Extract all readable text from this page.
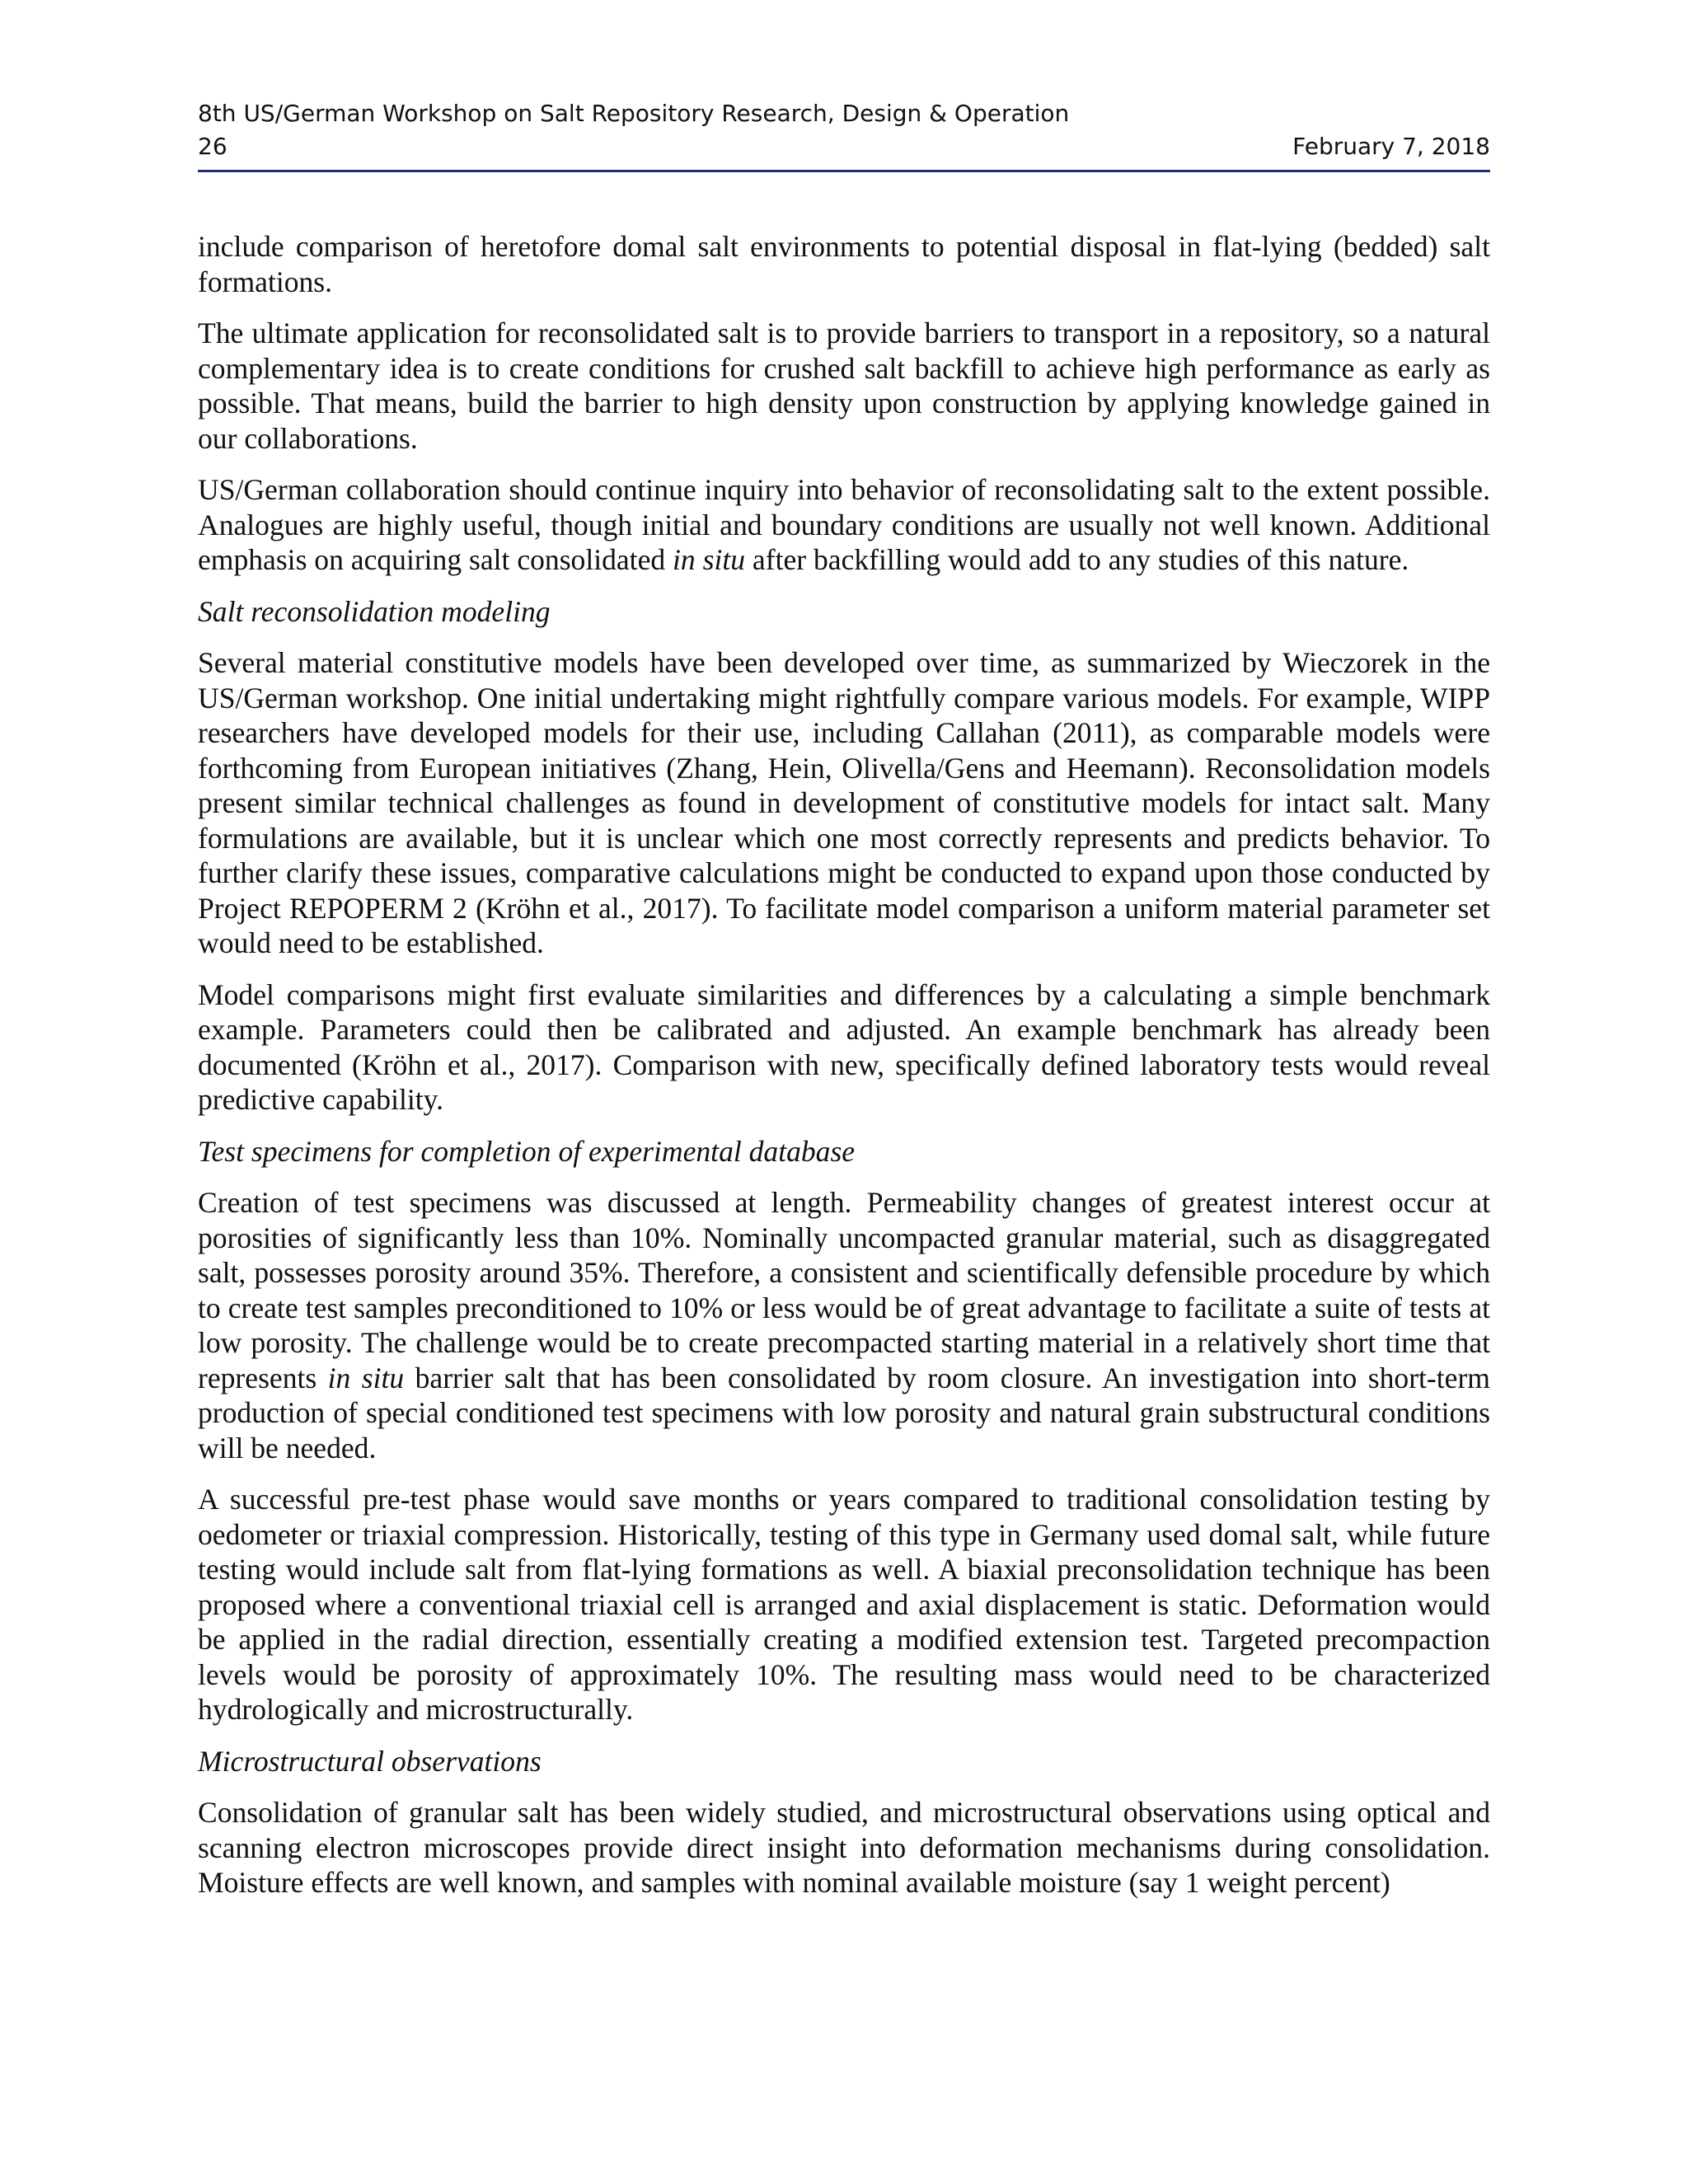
8th US/German Workshop on Salt Repository Research, Design & Operation
26	February 7, 2018

include comparison of heretofore domal salt environments to potential disposal in flat-lying (bedded) salt formations.

The ultimate application for reconsolidated salt is to provide barriers to transport in a repository, so a natural complementary idea is to create conditions for crushed salt backfill to achieve high performance as early as possible. That means, build the barrier to high density upon construction by applying knowledge gained in our collaborations.

US/German collaboration should continue inquiry into behavior of reconsolidating salt to the extent possible. Analogues are highly useful, though initial and boundary conditions are usually not well known. Additional emphasis on acquiring salt consolidated in situ after backfilling would add to any studies of this nature.

Salt reconsolidation modeling

Several material constitutive models have been developed over time, as summarized by Wieczorek in the US/German workshop. One initial undertaking might rightfully compare various models. For example, WIPP researchers have developed models for their use, including Callahan (2011), as comparable models were forthcoming from European initiatives (Zhang, Hein, Olivella/Gens and Heemann). Reconsolidation models present similar technical challenges as found in development of constitutive models for intact salt. Many formulations are available, but it is unclear which one most correctly represents and predicts behavior. To further clarify these issues, comparative calculations might be conducted to expand upon those conducted by Project REPOPERM 2 (Kröhn et al., 2017). To facilitate model comparison a uniform material parameter set would need to be established.

Model comparisons might first evaluate similarities and differences by a calculating a simple benchmark example. Parameters could then be calibrated and adjusted. An example benchmark has already been documented (Kröhn et al., 2017). Comparison with new, specifically defined laboratory tests would reveal predictive capability.

Test specimens for completion of experimental database

Creation of test specimens was discussed at length. Permeability changes of greatest interest occur at porosities of significantly less than 10%. Nominally uncompacted granular material, such as disaggregated salt, possesses porosity around 35%. Therefore, a consistent and scientifically defensible procedure by which to create test samples preconditioned to 10% or less would be of great advantage to facilitate a suite of tests at low porosity. The challenge would be to create precompacted starting material in a relatively short time that represents in situ barrier salt that has been consolidated by room closure. An investigation into short-term production of special conditioned test specimens with low porosity and natural grain substructural conditions will be needed.

A successful pre-test phase would save months or years compared to traditional consolidation testing by oedometer or triaxial compression. Historically, testing of this type in Germany used domal salt, while future testing would include salt from flat-lying formations as well. A biaxial preconsolidation technique has been proposed where a conventional triaxial cell is arranged and axial displacement is static. Deformation would be applied in the radial direction, essentially creating a modified extension test. Targeted precompaction levels would be porosity of approximately 10%. The resulting mass would need to be characterized hydrologically and microstructurally.

Microstructural observations

Consolidation of granular salt has been widely studied, and microstructural observations using optical and scanning electron microscopes provide direct insight into deformation mechanisms during consolidation. Moisture effects are well known, and samples with nominal available moisture (say 1 weight percent)
